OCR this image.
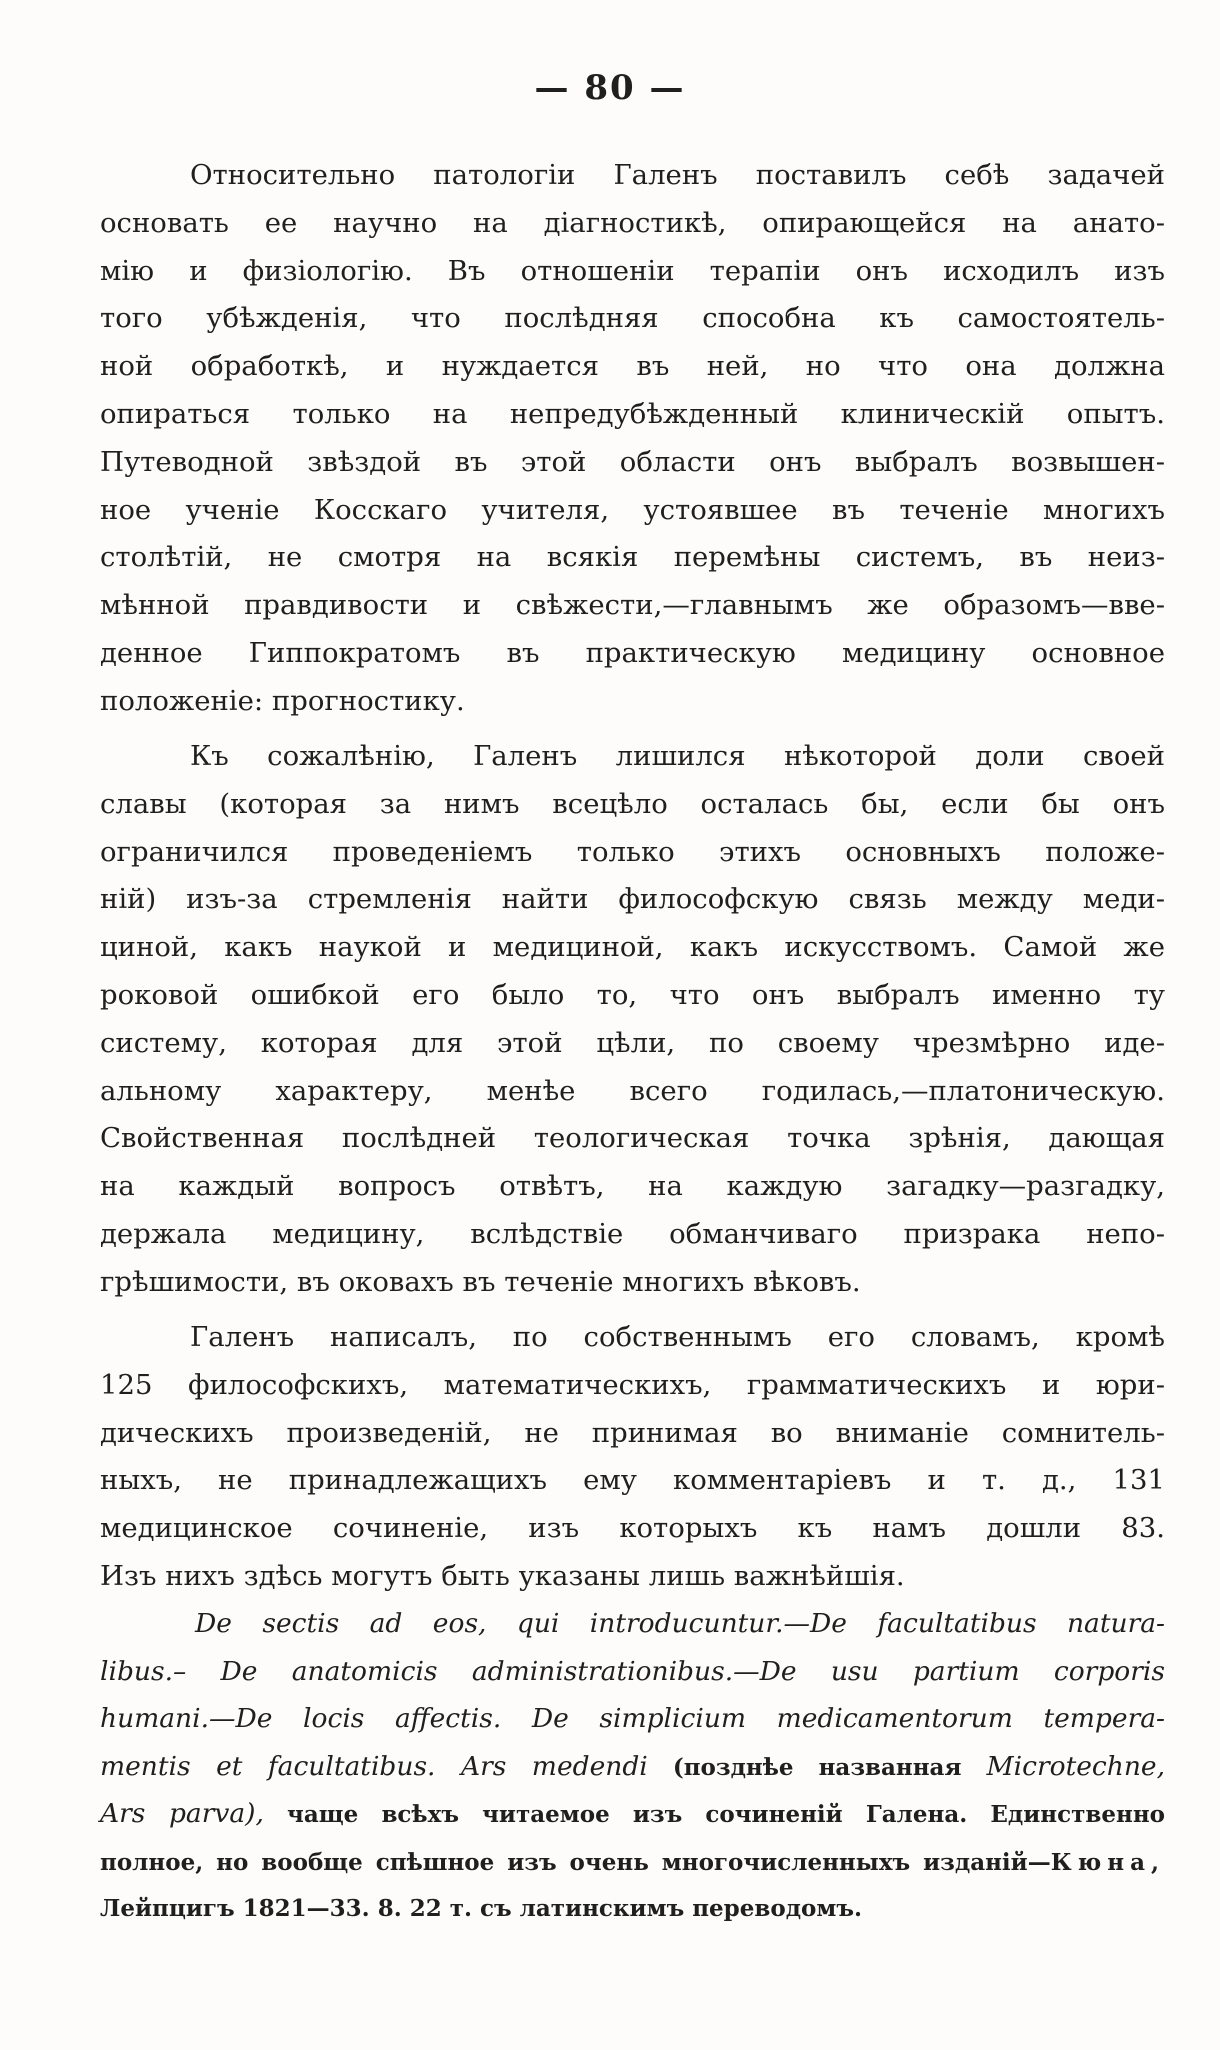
— 80 —
Относительно патологіи Галенъ поставилъ себѣ задачей
основать ее научно на діагностикѣ, опирающейся на анато-
мію и физіологію. Въ отношеніи терапіи онъ исходилъ изъ
того убѣжденія, что послѣдняя способна къ самостоятель-
ной обработкѣ, и нуждается въ ней, но что она должна
опираться только на непредубѣжденный клиническій опытъ.
Путеводной звѣздой въ этой области онъ выбралъ возвышен-
ное ученіе Косскаго учителя, устоявшее въ теченіе многихъ
столѣтій, не смотря на всякія перемѣны системъ, въ неиз-
мѣнной правдивости и свѣжести,—главнымъ же образомъ—вве-
денное Гиппократомъ въ практическую медицину основное
положеніе: прогностику.
Къ сожалѣнію, Галенъ лишился нѣкоторой доли своей
славы (которая за нимъ всецѣло осталась бы, если бы онъ
ограничился проведеніемъ только этихъ основныхъ положе-
ній) изъ-за стремленія найти философскую связь между меди-
циной, какъ наукой и медициной, какъ искусствомъ. Самой же
роковой ошибкой его было то, что онъ выбралъ именно ту
систему, которая для этой цѣли, по своему чрезмѣрно иде-
альному характеру, менѣе всего годилась,—платоническую.
Свойственная послѣдней теологическая точка зрѣнія, дающая
на каждый вопросъ отвѣтъ, на каждую загадку—разгадку,
держала медицину, вслѣдствіе обманчиваго призрака непо-
грѣшимости, въ оковахъ въ теченіе многихъ вѣковъ.
Галенъ написалъ, по собственнымъ его словамъ, кромѣ
125 философскихъ, математическихъ, грамматическихъ и юри-
дическихъ произведеній, не принимая во вниманіе сомнитель-
ныхъ, не принадлежащихъ ему комментаріевъ и т. д., 131
медицинское сочиненіе, изъ которыхъ къ намъ дошли 83.
Изъ нихъ здѣсь могутъ быть указаны лишь важнѣйшія.
De sectis ad eos, qui introducuntur.—De facultatibus natura-
libus.– De anatomicis administrationibus.—De usu partium corporis
humani.—De locis affectis. De simplicium medicamentorum tempera-
mentis et facultatibus. Ars medendi (позднѣе названная Microtechne,
Ars parva), чаще всѣхъ читаемое изъ сочиненій Галена. Единственно
полное, но вообще спѣшное изъ очень многочисленныхъ изданій—Кюна,
Лейпцигъ 1821—33. 8. 22 т. съ латинскимъ переводомъ.
